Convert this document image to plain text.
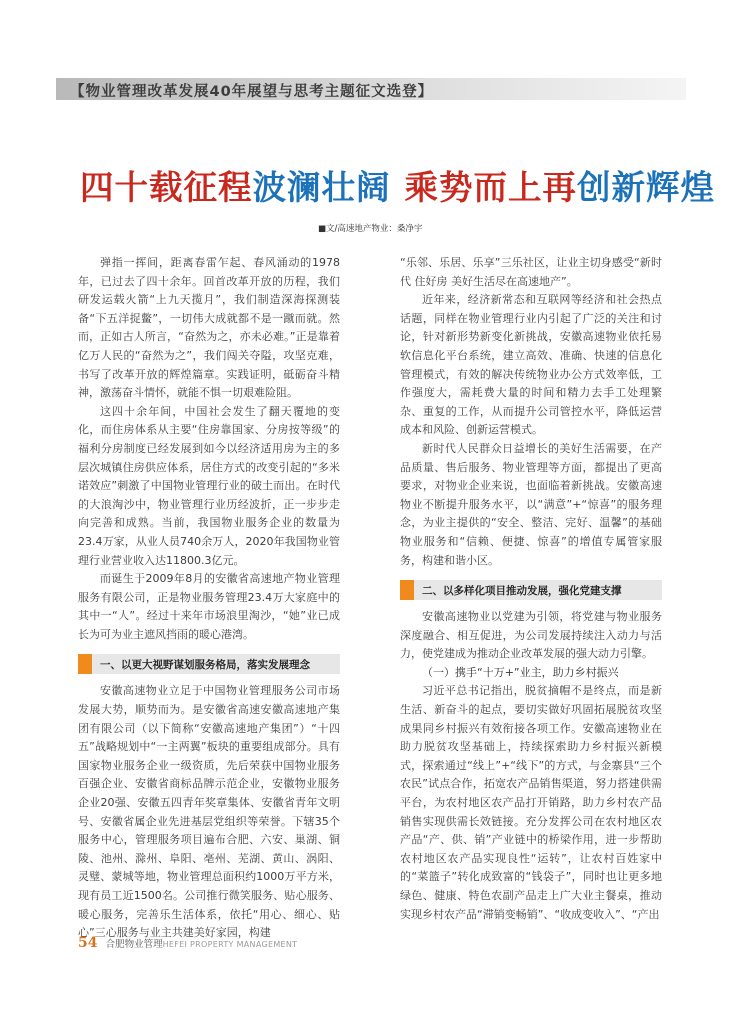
【物业管理改革发展40年展望与思考主题征文选登】
四十载征程波澜壮阔 乘势而上再创新辉煌
■文/高速地产物业：桑净宇

弹指一挥间，距离春雷乍起、春风涌动的1978年，已过去了四十余年。回首改革开放的历程，我们研发运载火箭“上九天揽月”，我们制造深海探测装备“下五洋捉鳖”，一切伟大成就都不是一蹴而就。然而，正如古人所言，“奋然为之，亦未必难。”正是靠着亿万人民的“奋然为之”，我们闯关夺隘，攻坚克难，书写了改革开放的辉煌篇章。实践证明，砥砺奋斗精神，激荡奋斗情怀，就能不惧一切艰难险阻。

这四十余年间，中国社会发生了翻天覆地的变化，而住房体系从主要“住房靠国家、分房按等级”的福利分房制度已经发展到如今以经济适用房为主的多层次城镇住房供应体系，居住方式的改变引起的“多米诺效应”刺激了中国物业管理行业的破土而出。在时代的大浪淘沙中，物业管理行业历经波折，正一步步走向完善和成熟。当前，我国物业服务企业的数量为23.4万家，从业人员740余万人，2020年我国物业管理行业营业收入达11800.3亿元。

而诞生于2009年8月的安徽省高速地产物业管理服务有限公司，正是物业服务管理23.4万大家庭中的其中一“人”。经过十来年市场浪里淘沙，“她”业已成长为可为业主遮风挡雨的暖心港湾。

一、以更大视野谋划服务格局，落实发展理念

安徽高速物业立足于中国物业管理服务公司市场发展大势，顺势而为。是安徽省高速安徽高速地产集团有限公司（以下简称“安徽高速地产集团”）“十四五”战略规划中“一主两翼”板块的重要组成部分。具有国家物业服务企业一级资质，先后荣获中国物业服务百强企业、安徽省商标品牌示范企业，安徽物业服务企业20强、安徽五四青年奖章集体、安徽省青年文明号、安徽省属企业先进基层党组织等荣誉。下辖35个服务中心，管理服务项目遍布合肥、六安、巢湖、铜陵、池州、滁州、阜阳、亳州、芜湖、黄山、涡阳、灵璧、蒙城等地，物业管理总面积约1000万平方米，现有员工近1500名。公司推行微笑服务、贴心服务、暖心服务，完善乐生活体系，依托“用心、细心、贴心”三心服务与业主共建美好家园，构建

“乐邻、乐居、乐享”三乐社区，让业主切身感受“新时代 住好房 美好生活尽在高速地产”。

近年来，经济新常态和互联网等经济和社会热点话题，同样在物业管理行业内引起了广泛的关注和讨论，针对新形势新变化新挑战，安徽高速物业依托易软信息化平台系统，建立高效、准确、快速的信息化管理模式，有效的解决传统物业办公方式效率低，工作强度大，需耗费大量的时间和精力去手工处理繁杂、重复的工作，从而提升公司管控水平，降低运营成本和风险、创新运营模式。

新时代人民群众日益增长的美好生活需要，在产品质量、售后服务、物业管理等方面，都提出了更高要求，对物业企业来说，也面临着新挑战。安徽高速物业不断提升服务水平，以“满意”+“惊喜”的服务理念，为业主提供的“安全、整洁、完好、温馨”的基础物业服务和“信赖、便捷、惊喜”的增值专属管家服务，构建和谐小区。

二、以多样化项目推动发展，强化党建支撑

安徽高速物业以党建为引领，将党建与物业服务深度融合、相互促进，为公司发展持续注入动力与活力，使党建成为推动企业改革发展的强大动力引擎。

（一）携手“十万+”业主，助力乡村振兴

习近平总书记指出，脱贫摘帽不是终点，而是新生活、新奋斗的起点，要切实做好巩固拓展脱贫攻坚成果同乡村振兴有效衔接各项工作。安徽高速物业在助力脱贫攻坚基础上，持续探索助力乡村振兴新模式，探索通过“线上”+“线下”的方式，与金寨县“三个农民”试点合作，拓宽农产品销售渠道，努力搭建供需平台，为农村地区农产品打开销路，助力乡村农产品销售实现供需长效链接。充分发挥公司在农村地区农产品“产、供、销”产业链中的桥梁作用，进一步帮助农村地区农产品实现良性“运转”，让农村百姓家中的“菜篮子”转化成致富的“钱袋子”，同时也让更多地绿色、健康、特色农副产品走上广大业主餐桌，推动实现乡村农产品“滞销变畅销”、“收成变收入”、“产出

54 合肥物业管理HEFEI PROPERTY MANAGEMENT
